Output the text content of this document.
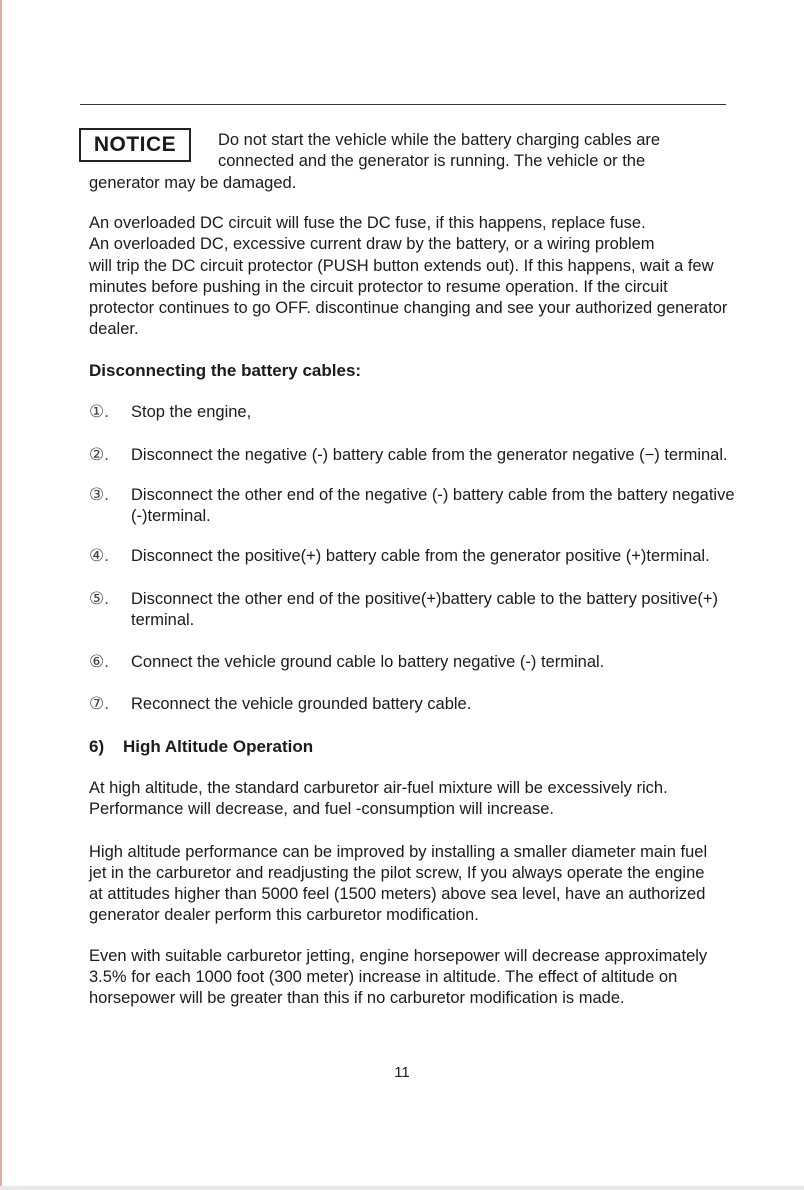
NOTICE	Do not start the vehicle while the battery charging cables are
connected and the generator is running. The vehicle or the
generator may be damaged.
An overloaded DC circuit will fuse the DC fuse, if this happens, replace fuse.
An overloaded DC, excessive current draw by the battery, or a wiring problem
will trip the DC circuit protector (PUSH button extends out). If this happens, wait a few
minutes before pushing in the circuit protector to resume operation. If the circuit
protector continues to go OFF. discontinue changing and see your authorized generator
dealer.
Disconnecting the battery cables:
①. Stop the engine,
②. Disconnect the negative (-) battery cable from the generator negative (−) terminal.
③. Disconnect the other end of the negative (-) battery cable from the battery negative
(-)terminal.
④. Disconnect the positive(+) battery cable from the generator positive (+)terminal.
⑤. Disconnect the other end of the positive(+)battery cable to the battery positive(+)
terminal.
⑥. Connect the vehicle ground cable lo battery negative (-) terminal.
⑦. Reconnect the vehicle grounded battery cable.
6) High Altitude Operation
At high altitude, the standard carburetor air-fuel mixture will be excessively rich.
Performance will decrease, and fuel -consumption will increase.
High altitude performance can be improved by installing a smaller diameter main fuel
jet in the carburetor and readjusting the pilot screw, If you always operate the engine
at attitudes higher than 5000 feel (1500 meters) above sea level, have an authorized
generator dealer perform this carburetor modification.
Even with suitable carburetor jetting, engine horsepower will decrease approximately
3.5% for each 1000 foot (300 meter) increase in altitude. The effect of altitude on
horsepower will be greater than this if no carburetor modification is made.
11
